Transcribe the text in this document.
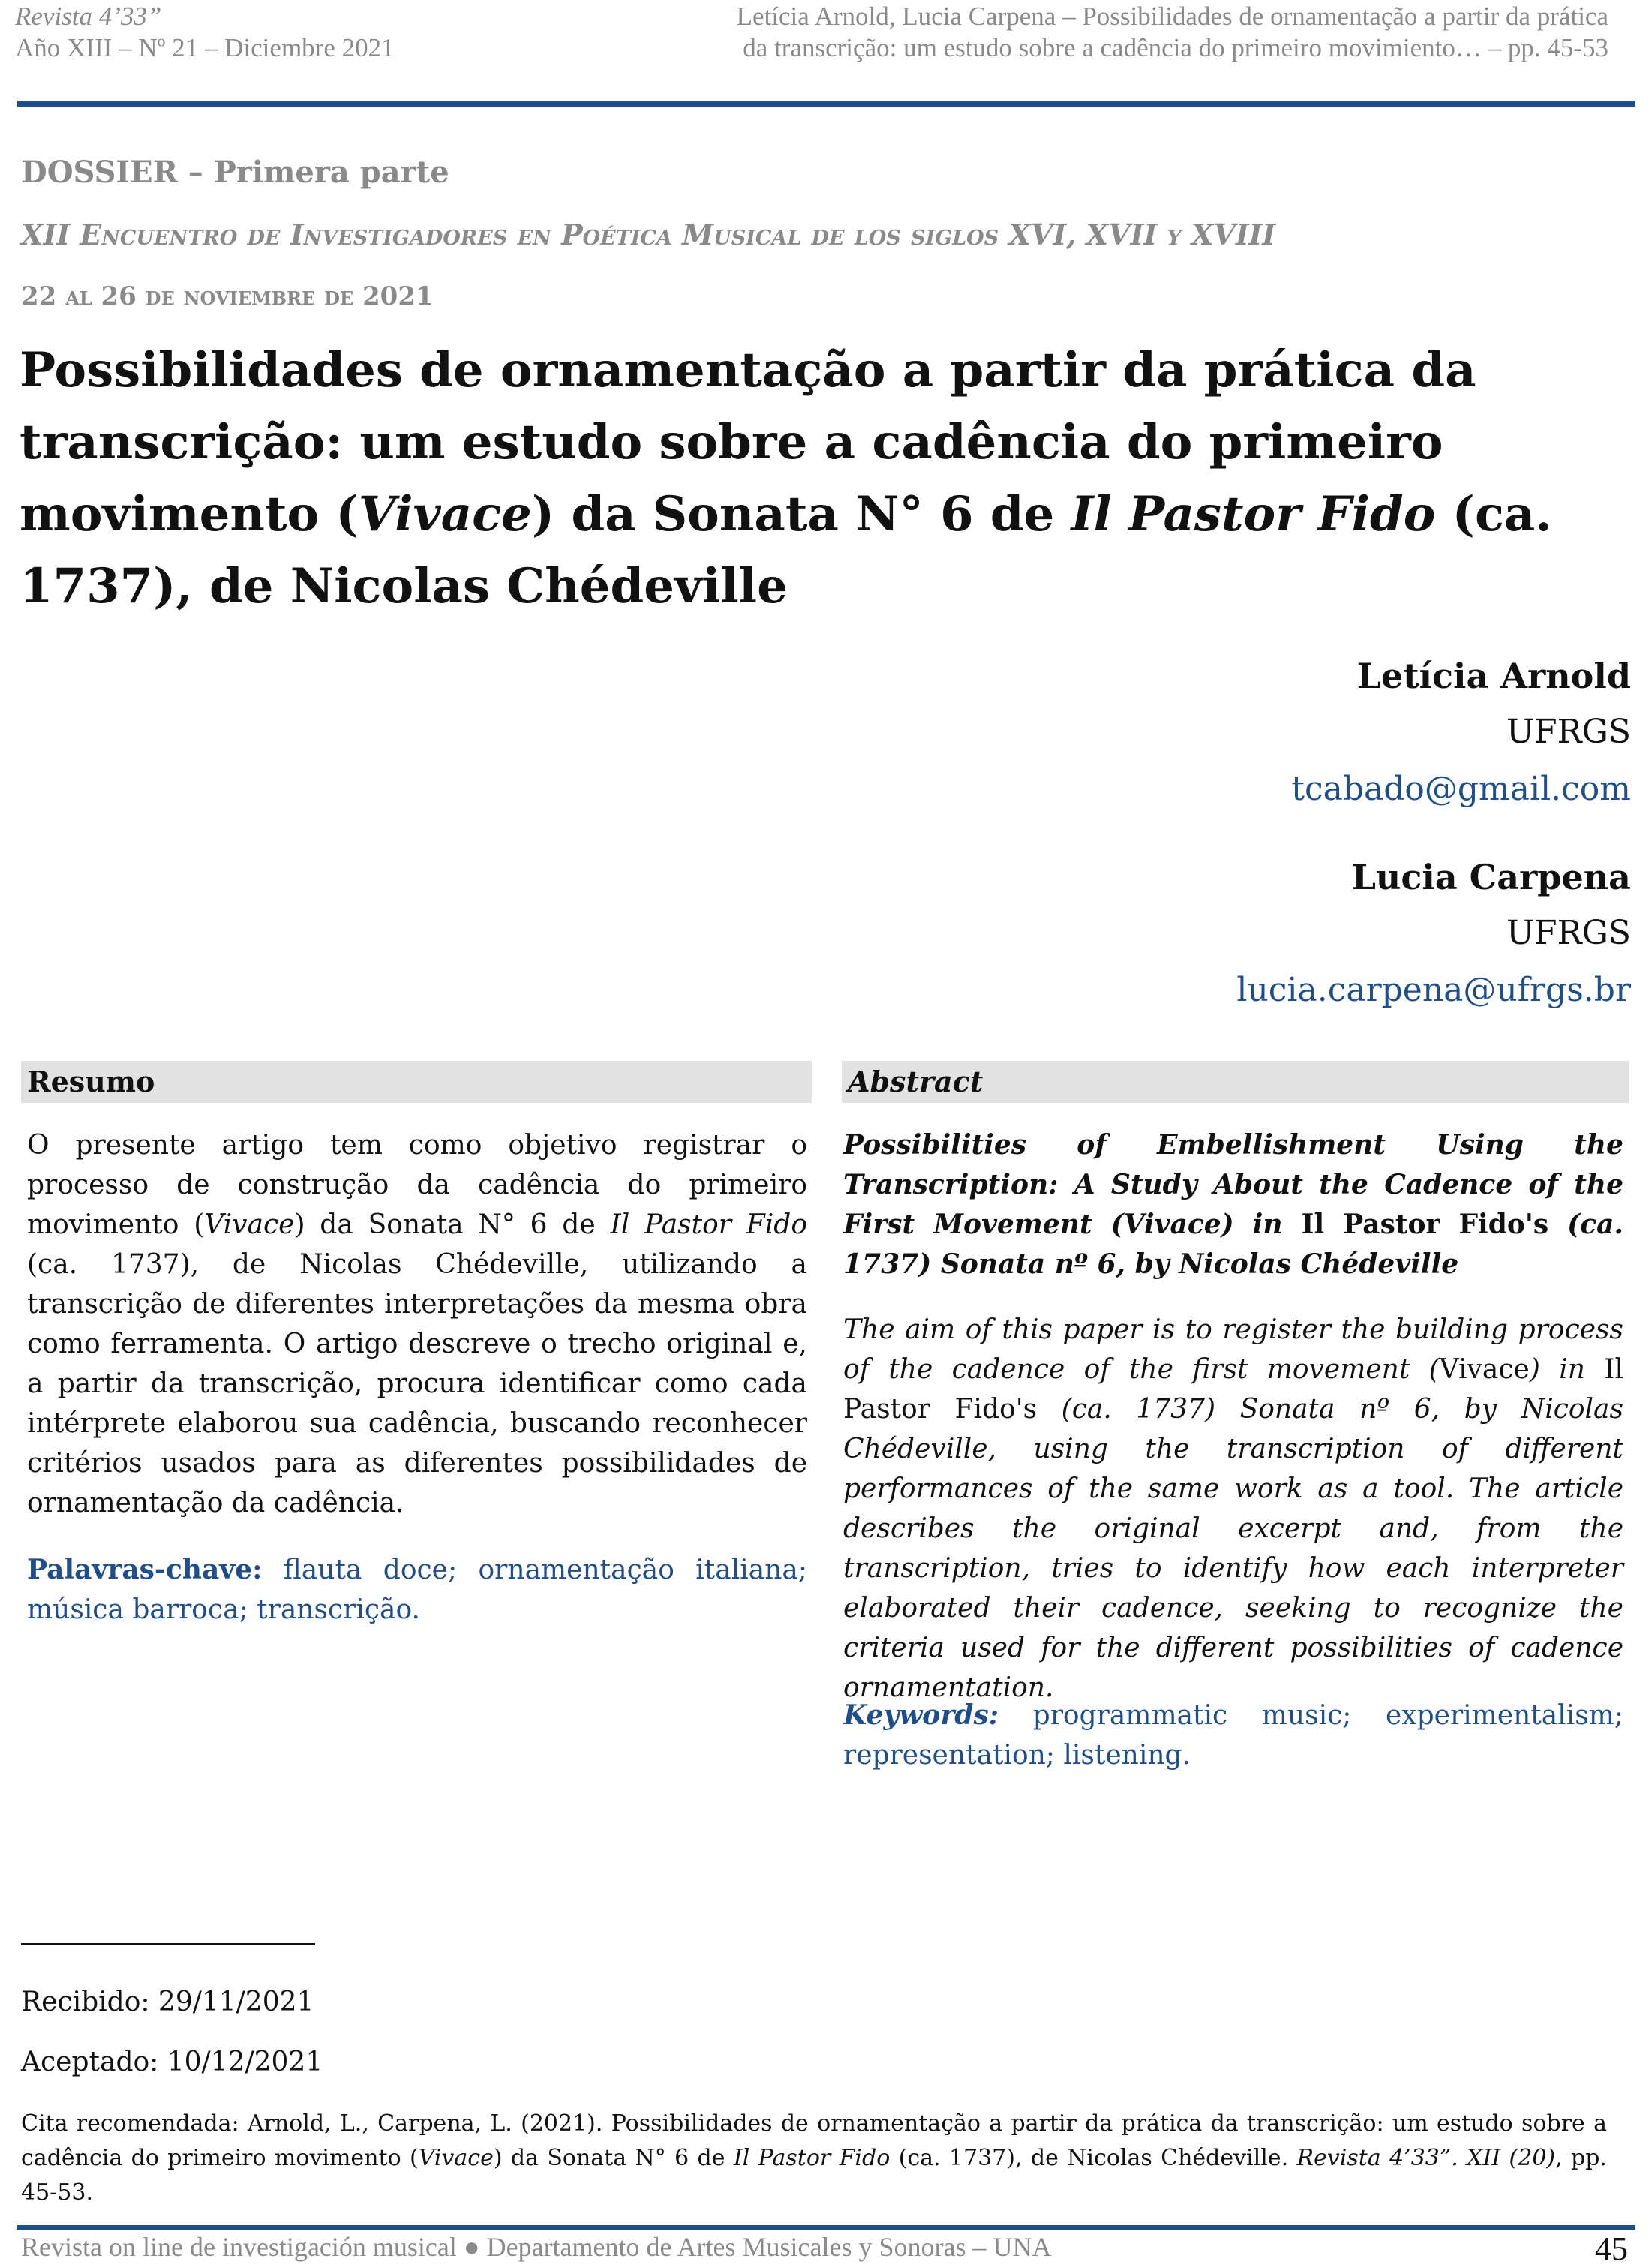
Revista 4’33”
Año XIII – Nº 21 – Diciembre 2021
Letícia Arnold, Lucia Carpena – Possibilidades de ornamentação a partir da prática
da transcrição: um estudo sobre a cadência do primeiro movimiento… – pp. 45-53
DOSSIER – Primera parte
XII Encuentro de Investigadores en Poética Musical de los siglos XVI, XVII y XVIII
22 al 26 de noviembre de 2021
Possibilidades de ornamentação a partir da prática da transcrição: um estudo sobre a cadência do primeiro movimento (Vivace) da Sonata N° 6 de Il Pastor Fido (ca. 1737), de Nicolas Chédeville
Letícia Arnold
UFRGS
tcabado@gmail.com
Lucia Carpena
UFRGS
lucia.carpena@ufrgs.br
Resumo
O presente artigo tem como objetivo registrar o processo de construção da cadência do primeiro movimento (Vivace) da Sonata N° 6 de Il Pastor Fido (ca. 1737), de Nicolas Chédeville, utilizando a transcrição de diferentes interpretações da mesma obra como ferramenta. O artigo descreve o trecho original e, a partir da transcrição, procura identificar como cada intérprete elaborou sua cadência, buscando reconhecer critérios usados para as diferentes possibilidades de ornamentação da cadência.
Palavras-chave: flauta doce; ornamentação italiana; música barroca; transcrição.
Abstract
Possibilities of Embellishment Using the Transcription: A Study About the Cadence of the First Movement (Vivace) in Il Pastor Fido's (ca. 1737) Sonata nº 6, by Nicolas Chédeville
The aim of this paper is to register the building process of the cadence of the first movement (Vivace) in Il Pastor Fido's (ca. 1737) Sonata nº 6, by Nicolas Chédeville, using the transcription of different performances of the same work as a tool. The article describes the original excerpt and, from the transcription, tries to identify how each interpreter elaborated their cadence, seeking to recognize the criteria used for the different possibilities of cadence ornamentation.
Keywords: programmatic music; experimentalism; representation; listening.
Recibido: 29/11/2021
Aceptado: 10/12/2021
Cita recomendada: Arnold, L., Carpena, L. (2021). Possibilidades de ornamentação a partir da prática da transcrição: um estudo sobre a cadência do primeiro movimento (Vivace) da Sonata N° 6 de Il Pastor Fido (ca. 1737), de Nicolas Chédeville. Revista 4’33”. XII (20), pp. 45-53.
Revista on line de investigación musical ● Departamento de Artes Musicales y Sonoras – UNA	45
